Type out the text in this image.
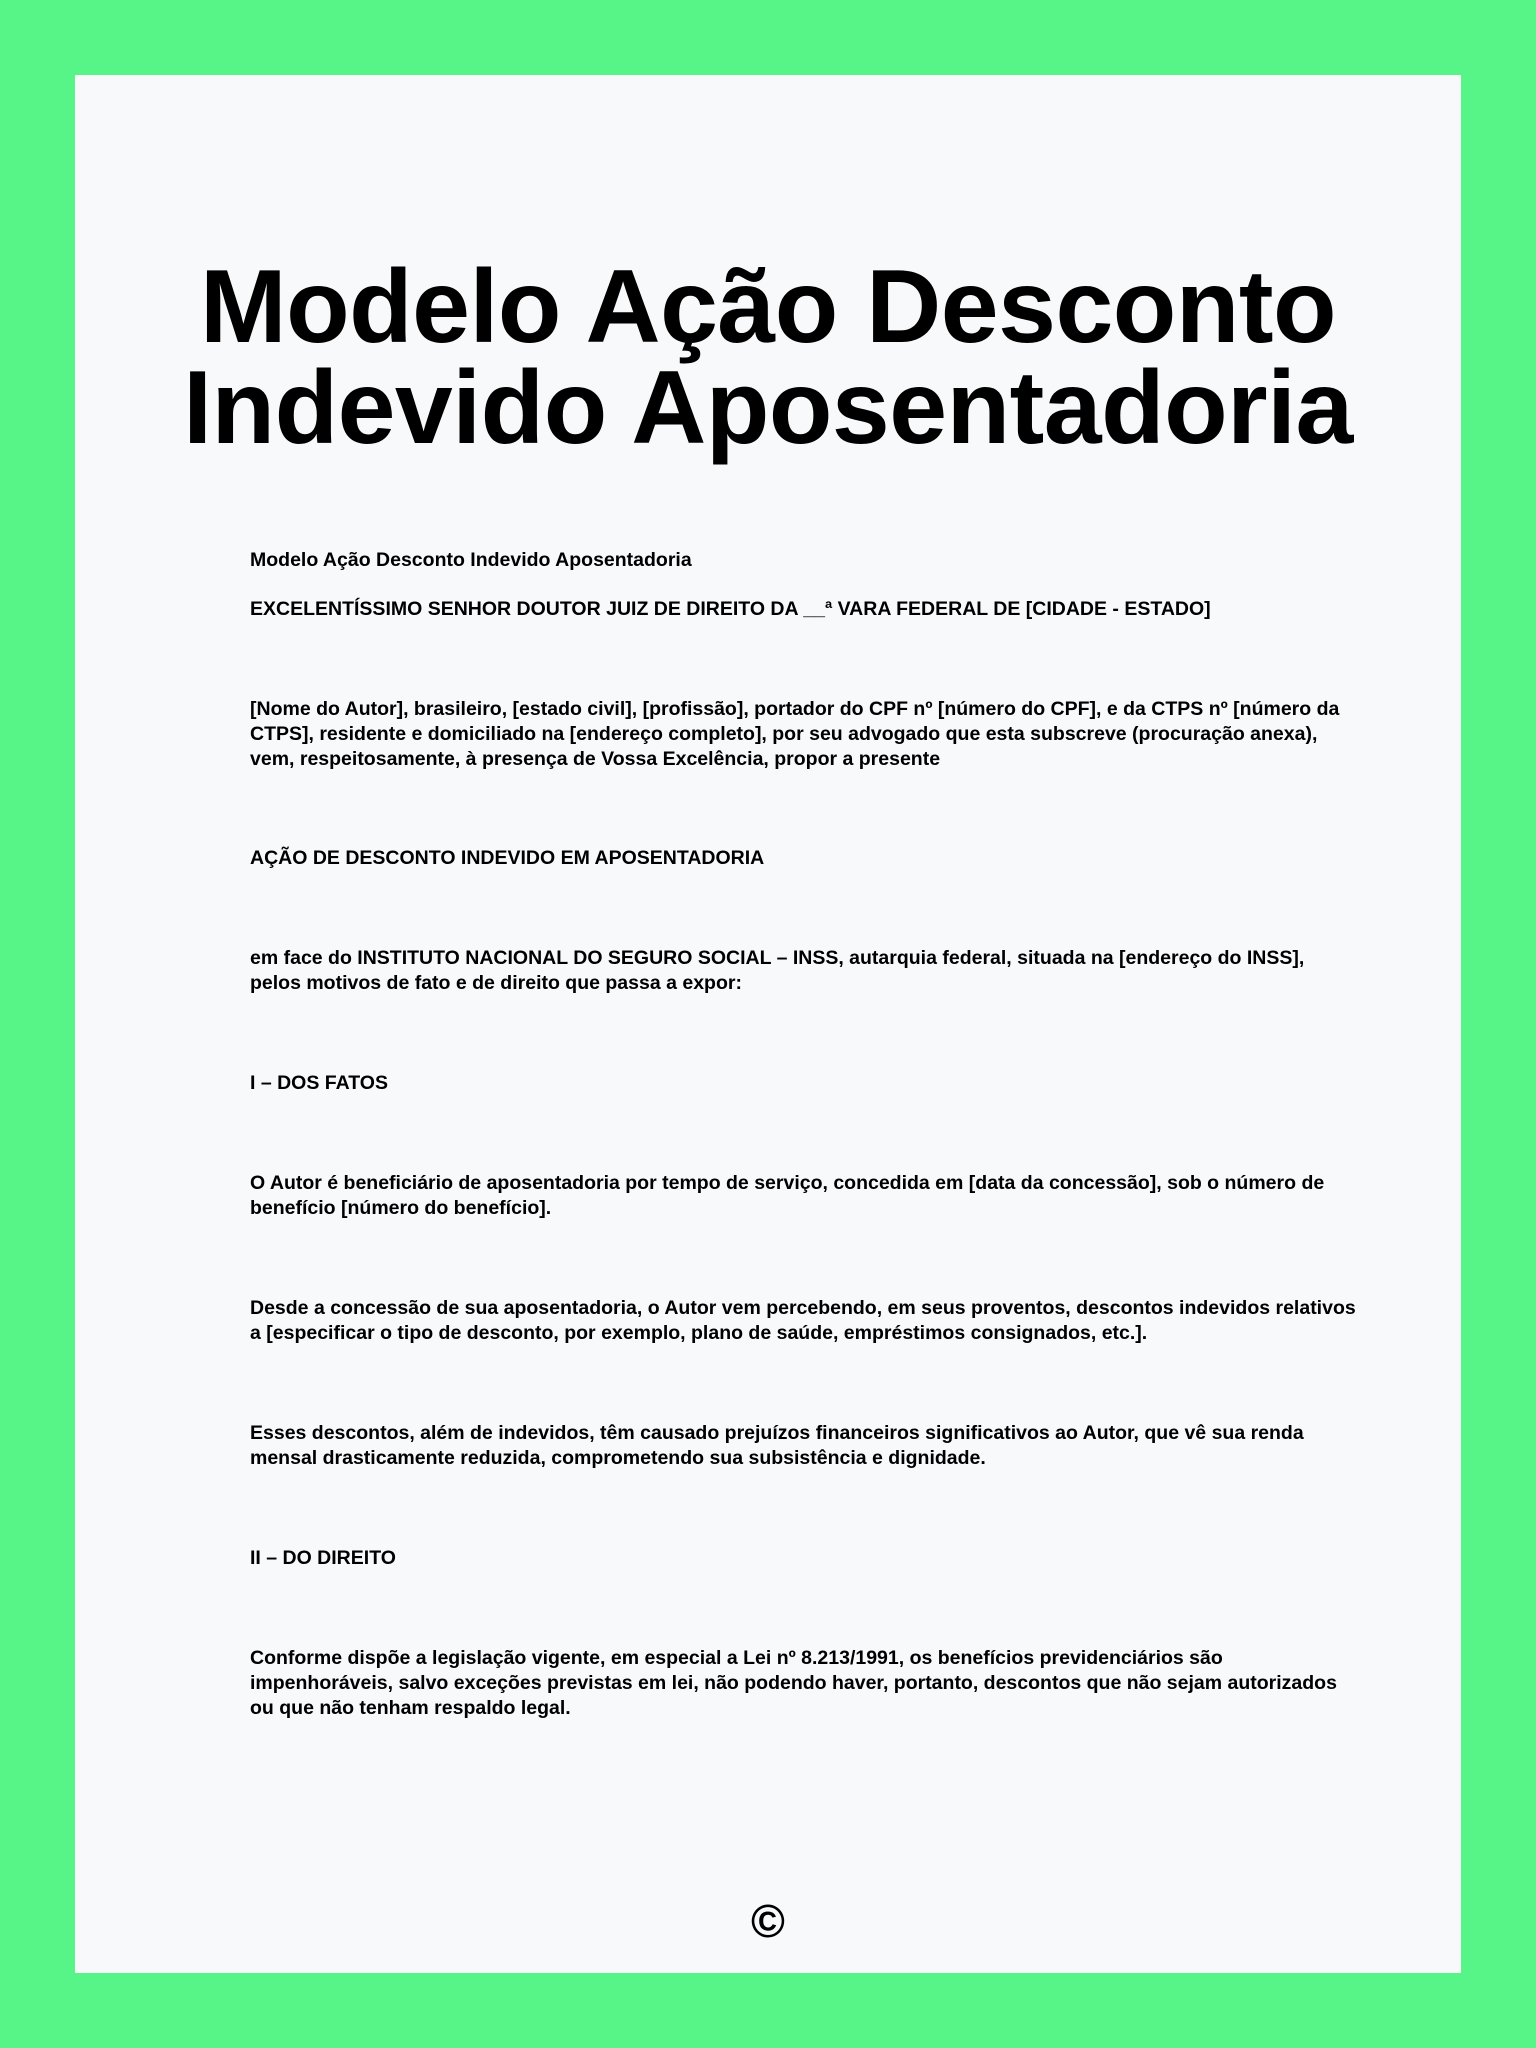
Modelo Ação Desconto Indevido Aposentadoria

Modelo Ação Desconto Indevido Aposentadoria

EXCELENTÍSSIMO SENHOR DOUTOR JUIZ DE DIREITO DA __ª VARA FEDERAL DE [CIDADE - ESTADO]

[Nome do Autor], brasileiro, [estado civil], [profissão], portador do CPF nº [número do CPF], e da CTPS nº [número da CTPS], residente e domiciliado na [endereço completo], por seu advogado que esta subscreve (procuração anexa), vem, respeitosamente, à presença de Vossa Excelência, propor a presente

AÇÃO DE DESCONTO INDEVIDO EM APOSENTADORIA

em face do INSTITUTO NACIONAL DO SEGURO SOCIAL – INSS, autarquia federal, situada na [endereço do INSS], pelos motivos de fato e de direito que passa a expor:

I – DOS FATOS

O Autor é beneficiário de aposentadoria por tempo de serviço, concedida em [data da concessão], sob o número de benefício [número do benefício].

Desde a concessão de sua aposentadoria, o Autor vem percebendo, em seus proventos, descontos indevidos relativos a [especificar o tipo de desconto, por exemplo, plano de saúde, empréstimos consignados, etc.].

Esses descontos, além de indevidos, têm causado prejuízos financeiros significativos ao Autor, que vê sua renda mensal drasticamente reduzida, comprometendo sua subsistência e dignidade.

II – DO DIREITO

Conforme dispõe a legislação vigente, em especial a Lei nº 8.213/1991, os benefícios previdenciários são impenhoráveis, salvo exceções previstas em lei, não podendo haver, portanto, descontos que não sejam autorizados ou que não tenham respaldo legal.

©
